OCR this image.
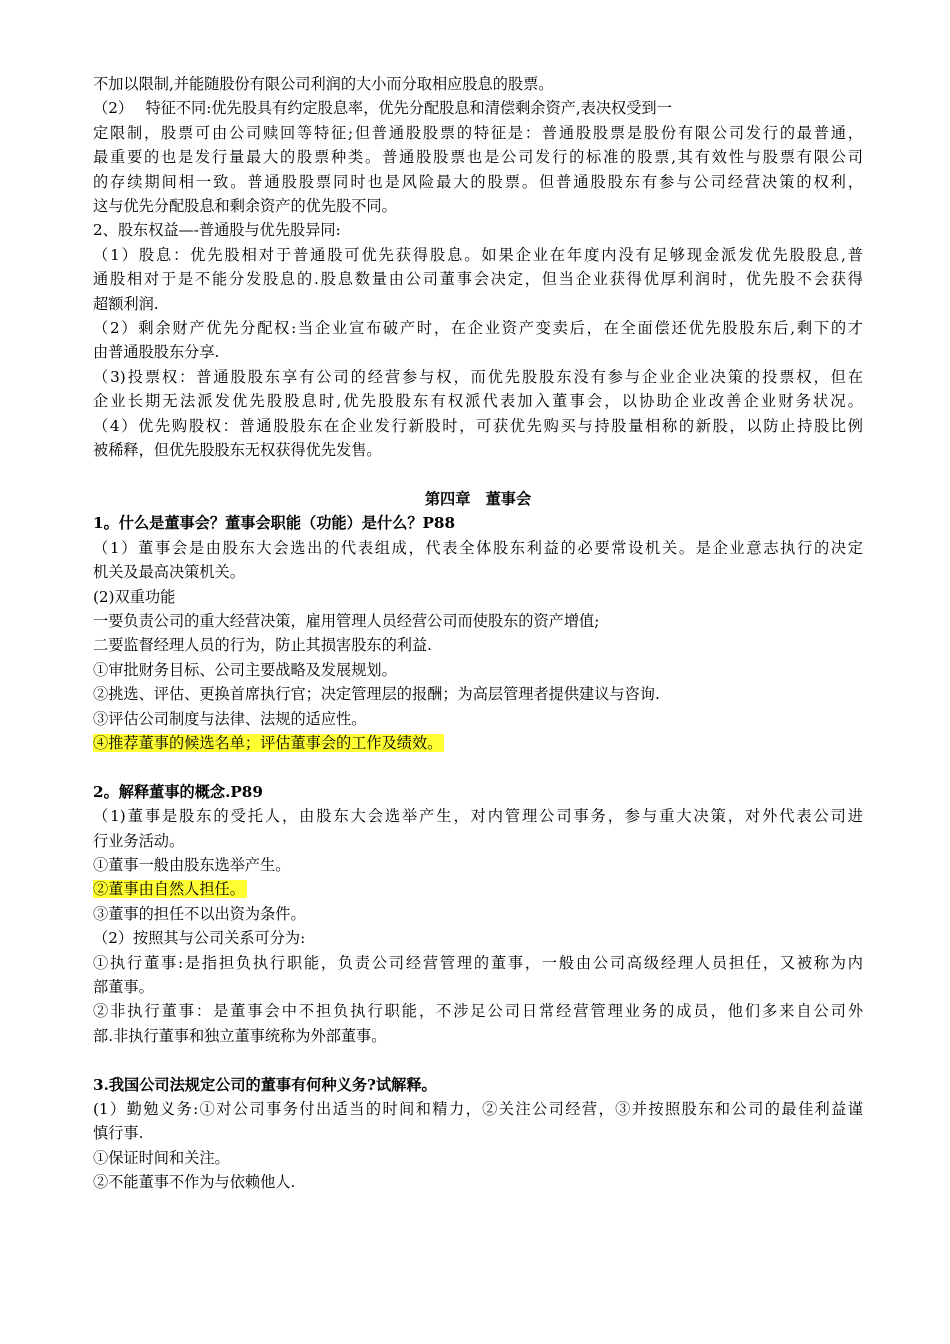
不加以限制,并能随股份有限公司利润的大小而分取相应股息的股票。
（2）　 特征不同:优先股具有约定股息率，优先分配股息和清偿剩余资产,表决权受到一
定限制，股票可由公司赎回等特征;但普通股股票的特征是：普通股股票是股份有限公司发行的最普通，
最重要的也是发行量最大的股票种类。普通股股票也是公司发行的标准的股票,其有效性与股票有限公司
的存续期间相一致。普通股股票同时也是风险最大的股票。但普通股股东有参与公司经营决策的权利，
这与优先分配股息和剩余资产的优先股不同。
2、股东权益—-普通股与优先股异同:
（1）股息：优先股相对于普通股可优先获得股息。如果企业在年度内没有足够现金派发优先股股息,普
通股相对于是不能分发股息的.股息数量由公司董事会决定，但当企业获得优厚利润时，优先股不会获得
超额利润.
（2）剩余财产优先分配权:当企业宣布破产时，在企业资产变卖后，在全面偿还优先股股东后,剩下的才
由普通股股东分享.
（3)投票权：普通股股东享有公司的经营参与权，而优先股股东没有参与企业企业决策的投票权，但在
企业长期无法派发优先股股息时,优先股股东有权派代表加入董事会，以协助企业改善企业财务状况。
（4）优先购股权：普通股股东在企业发行新股时，可获优先购买与持股量相称的新股，以防止持股比例
被稀释，但优先股股东无权获得优先发售。
第四章　董事会
1。什么是董事会？董事会职能（功能）是什么？P88
（1）董事会是由股东大会选出的代表组成，代表全体股东利益的必要常设机关。是企业意志执行的决定
机关及最高决策机关。
(2)双重功能
一要负责公司的重大经营决策，雇用管理人员经营公司而使股东的资产增值;
二要监督经理人员的行为，防止其损害股东的利益.
①审批财务目标、公司主要战略及发展规划。
②挑选、评估、更换首席执行官；决定管理层的报酬；为高层管理者提供建议与咨询.
③评估公司制度与法律、法规的适应性。
④推荐董事的候选名单；评估董事会的工作及绩效。
2。解释董事的概念.P89
（1)董事是股东的受托人，由股东大会选举产生，对内管理公司事务，参与重大决策，对外代表公司进
行业务活动。
①董事一般由股东选举产生。
②董事由自然人担任。
③董事的担任不以出资为条件。
（2）按照其与公司关系可分为:
①执行董事:是指担负执行职能，负责公司经营管理的董事，一般由公司高级经理人员担任，又被称为内
部董事。
②非执行董事：是董事会中不担负执行职能，不涉足公司日常经营管理业务的成员，他们多来自公司外
部.非执行董事和独立董事统称为外部董事。
3.我国公司法规定公司的董事有何种义务?试解释。
(1）勤勉义务:①对公司事务付出适当的时间和精力，②关注公司经营，③并按照股东和公司的最佳利益谨
慎行事.
①保证时间和关注。
②不能董事不作为与依赖他人.
